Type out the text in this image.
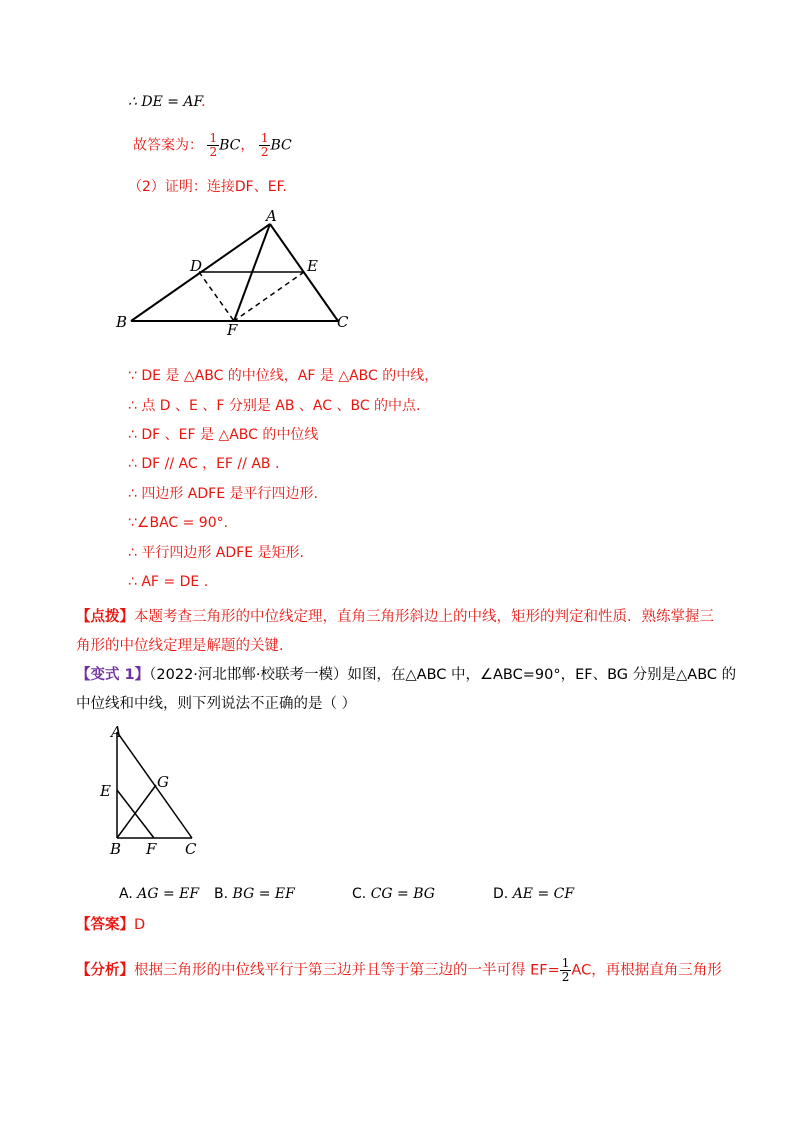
∴ DE = AF.
故答案为： $\frac{1}{2}$ BC， $\frac{1}{2}$ BC
（2）证明：连接DF、EF.
A
D	E
B	F	C
∵ DE 是 △ABC 的中位线，AF 是 △ABC 的中线，
∴ 点 D 、E 、F 分别是 AB 、AC 、BC 的中点.
∴ DF 、EF 是 △ABC 的中位线
∴ DF // AC ，EF // AB .
∴ 四边形 ADFE 是平行四边形.
∵∠BAC = 90°.
∴ 平行四边形 ADFE 是矩形.
∴ AF = DE .
【点拨】本题考查三角形的中位线定理，直角三角形斜边上的中线，矩形的判定和性质．熟练掌握三
角形的中位线定理是解题的关键.
【变式 1】（2022·河北邯郸·校联考一模）如图，在△ABC 中，∠ABC=90°，EF、BG 分别是△ABC 的
中位线和中线，则下列说法不正确的是（ ）
A
E	G
B F C
A. AG = EF B. BG = EF	C. CG = BG	D. AE = CF
【答案】D
【分析】根据三角形的中位线平行于第三边并且等于第三边的一半可得 $EF= \frac{1}{2}$ AC，再根据直角三角形
